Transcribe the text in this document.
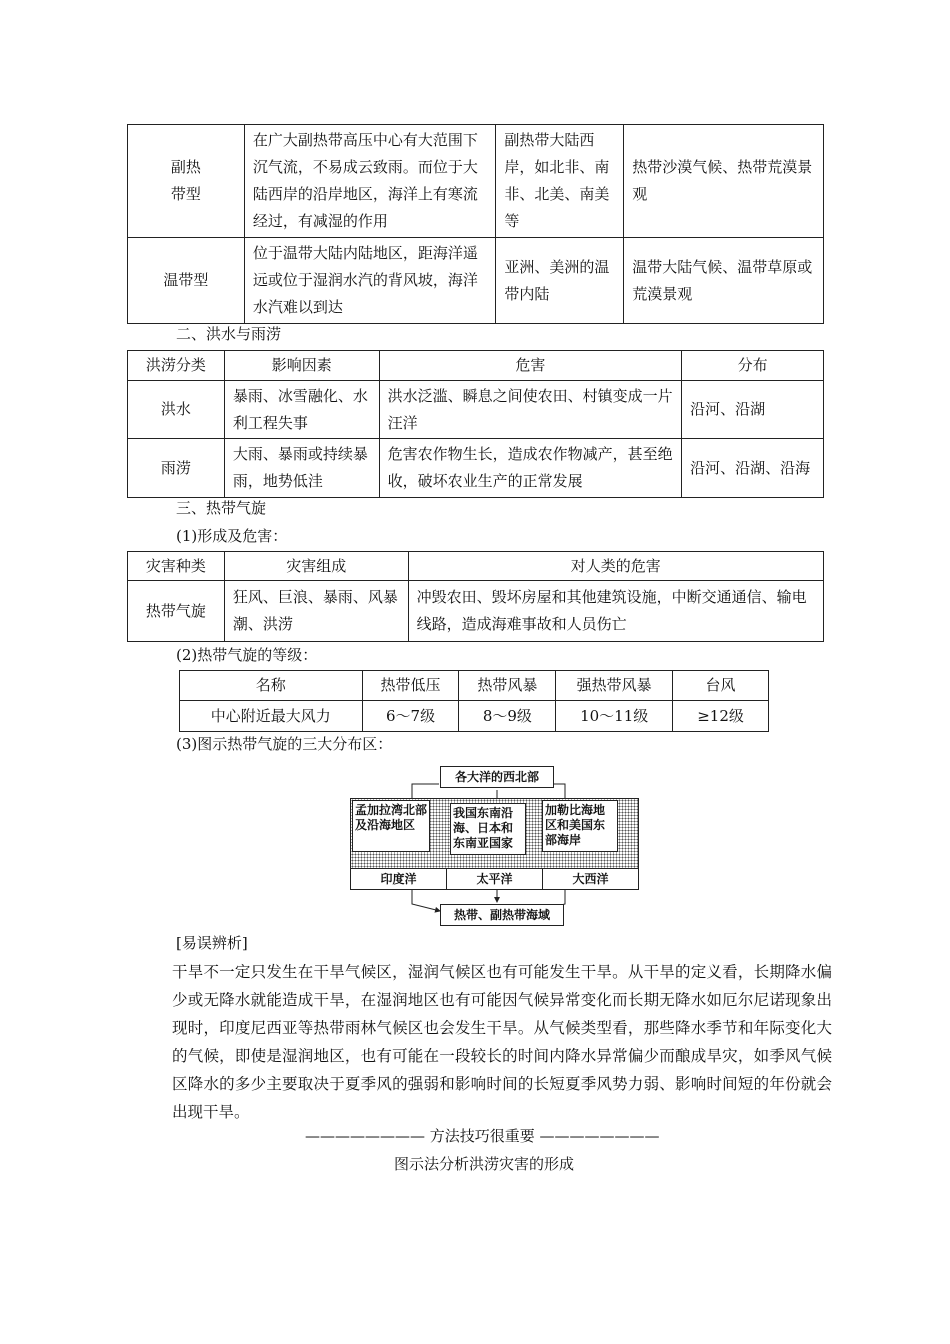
副热
带型	在广大副热带高压中心有大范围下沉气流，不易成云致雨。而位于大陆西岸的沿岸地区，海洋上有寒流经过，有减湿的作用	副热带大陆西岸，如北非、南非、北美、南美等	热带沙漠气候、热带荒漠景观
温带型	位于温带大陆内陆地区，距海洋遥远或位于湿润水汽的背风坡，海洋水汽难以到达	亚洲、美洲的温带内陆	温带大陆气候、温带草原或荒漠景观
二、洪水与雨涝
洪涝分类	影响因素	危害	分布
洪水	暴雨、冰雪融化、水利工程失事	洪水泛滥、瞬息之间使农田、村镇变成一片汪洋	沿河、沿湖
雨涝	大雨、暴雨或持续暴雨，地势低洼	危害农作物生长，造成农作物减产，甚至绝收，破坏农业生产的正常发展	沿河、沿湖、沿海
三、热带气旋
(1)形成及危害：
灾害种类	灾害组成	对人类的危害
热带气旋	狂风、巨浪、暴雨、风暴潮、洪涝	冲毁农田、毁坏房屋和其他建筑设施，中断交通通信、输电线路，造成海难事故和人员伤亡
(2)热带气旋的等级：
名称	热带低压	热带风暴	强热带风暴	台风
中心附近最大风力	6～7级	8～9级	10～11级	≥12级
(3)图示热带气旋的三大分布区：
各大洋的西北部
孟加拉湾北部及沿海地区
我国东南沿海、日本和东南亚国家
加勒比海地区和美国东部海岸
印度洋	太平洋	大西洋
热带、副热带海域
[易误辨析]
干旱不一定只发生在干旱气候区，湿润气候区也有可能发生干旱。从干旱的定义看，长期降水偏少或无降水就能造成干旱，在湿润地区也有可能因气候异常变化而长期无降水如厄尔尼诺现象出现时，印度尼西亚等热带雨林气候区也会发生干旱。从气候类型看，那些降水季节和年际变化大的气候，即使是湿润地区，也有可能在一段较长的时间内降水异常偏少而酿成旱灾，如季风气候区降水的多少主要取决于夏季风的强弱和影响时间的长短夏季风势力弱、影响时间短的年份就会出现干旱。
———————— 方法技巧很重要 ————————
图示法分析洪涝灾害的形成
